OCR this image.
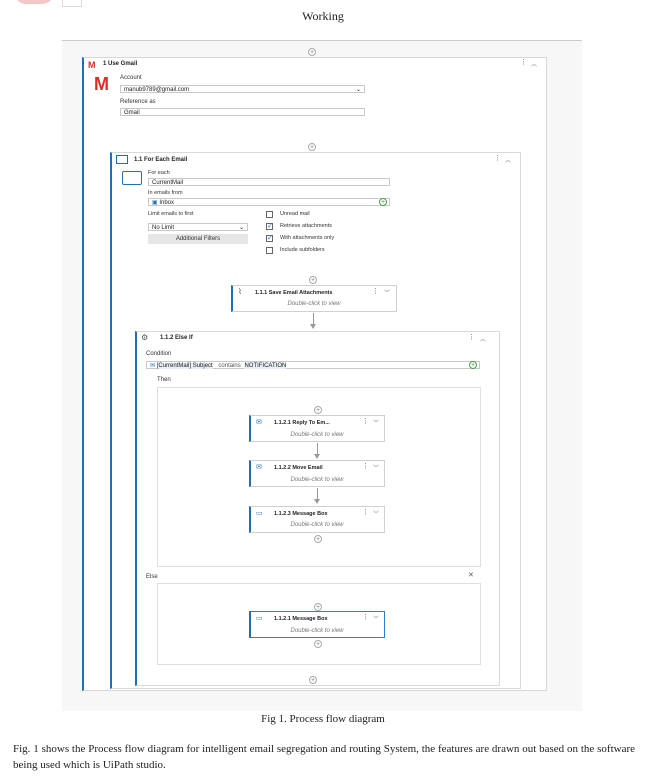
Working
+
M 1 Use Gmail	⋮ ︽
M Account
manub9789@gmail.com	⌄
Reference as
Gmail
+
1.1 For Each Email	⋮ ︽
For each
CurrentMail
In emails from
▣ Inbox	+
Limit emails to first
No Limit	⌄
Additional Filters
Unread mail
✓ Retrieve attachments
✓ With attachments only
Include subfolders
+
⌇ 1.1.1 Save Email Attachments	⋮ ︾
Double-click to view
⚙ 1.1.2 Else If	⋮ ︽
Condition
✉ [CurrentMail] Subject contains NOTIFICATION	+
Then
+
✉ 1.1.2.1 Reply To Em...	⋮ ︾
Double-click to view
✉ 1.1.2.2 Move Email	⋮ ︾
Double-click to view
▭ 1.1.2.3 Message Box	⋮ ︾
Double-click to view
+
Else	✕
+
▭ 1.1.2.1 Message Box	⋮ ︾
Double-click to view
+
+
Fig 1. Process flow diagram
Fig. 1 shows the Process flow diagram for intelligent email segregation and routing System, the features are drawn out based on the software being used which is UiPath studio.
